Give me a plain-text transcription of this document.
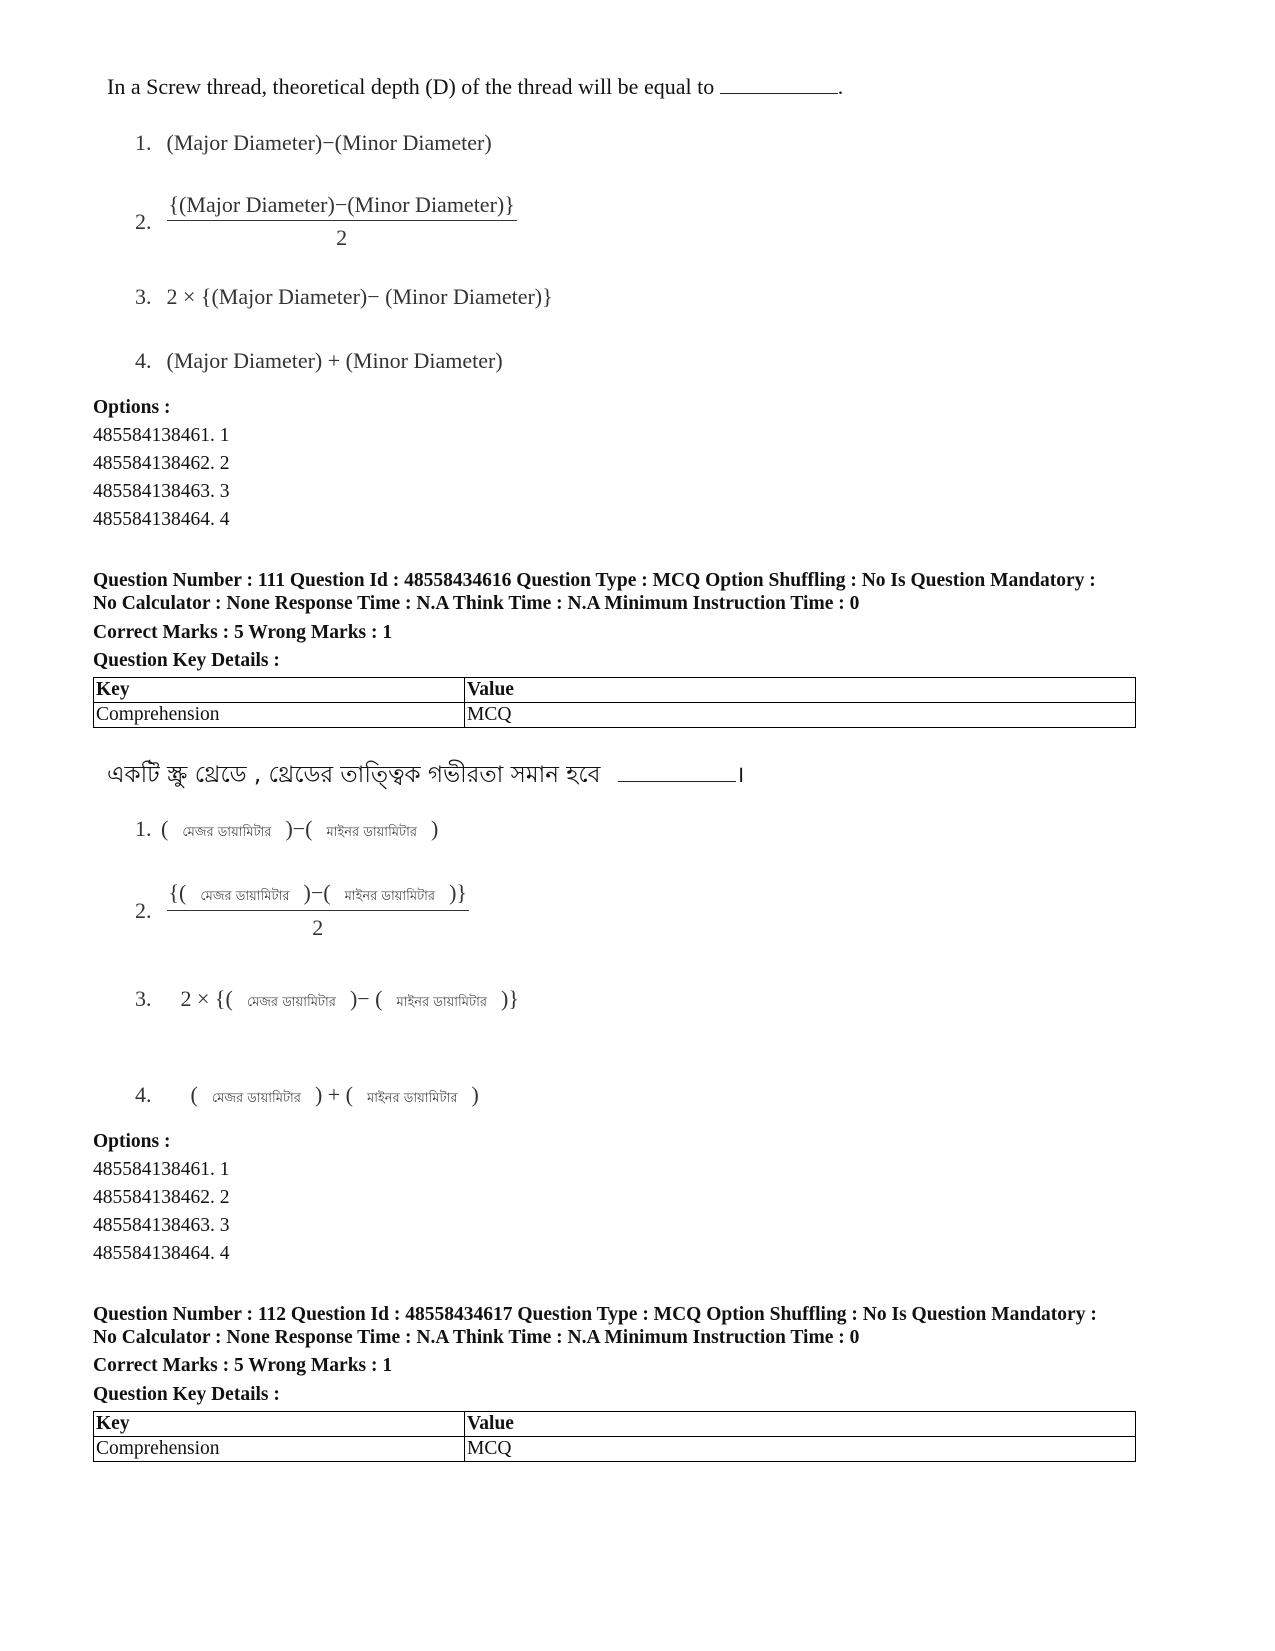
In a Screw thread, theoretical depth (D) of the thread will be equal to	.
1. (Major Diameter)−(Minor Diameter)
2. $\frac{\text{\{(Major Diameter)−(Minor Diameter)\}}}{2}$
3. 2 × {(Major Diameter)− (Minor Diameter)}
4. (Major Diameter) + (Minor Diameter)
Options :
485584138461. 1
485584138462. 2
485584138463. 3
485584138464. 4
Question Number : 111 Question Id : 48558434616 Question Type : MCQ Option Shuffling : No Is Question Mandatory :
No Calculator : None Response Time : N.A Think Time : N.A Minimum Instruction Time : 0
Correct Marks : 5 Wrong Marks : 1
Question Key Details :
Key	Value
Comprehension	MCQ
একটি স্ক্রু থ্রেডে , থ্রেডের তাত্ত্বিক গভীরতা সমান হবে	।
1. ( মেজর ডায়ামিটার )−( মাইনর ডায়ামিটার )
2. $\frac{\text{\{( মেজর ডায়ামিটার )−( মাইনর ডায়ামিটার )\}}}{2}$
3. 2 × {( মেজর ডায়ামিটার )− ( মাইনর ডায়ামিটার )}
4. ( মেজর ডায়ামিটার ) + ( মাইনর ডায়ামিটার )
Options :
485584138461. 1
485584138462. 2
485584138463. 3
485584138464. 4
Question Number : 112 Question Id : 48558434617 Question Type : MCQ Option Shuffling : No Is Question Mandatory :
No Calculator : None Response Time : N.A Think Time : N.A Minimum Instruction Time : 0
Correct Marks : 5 Wrong Marks : 1
Question Key Details :
Key	Value
Comprehension	MCQ
